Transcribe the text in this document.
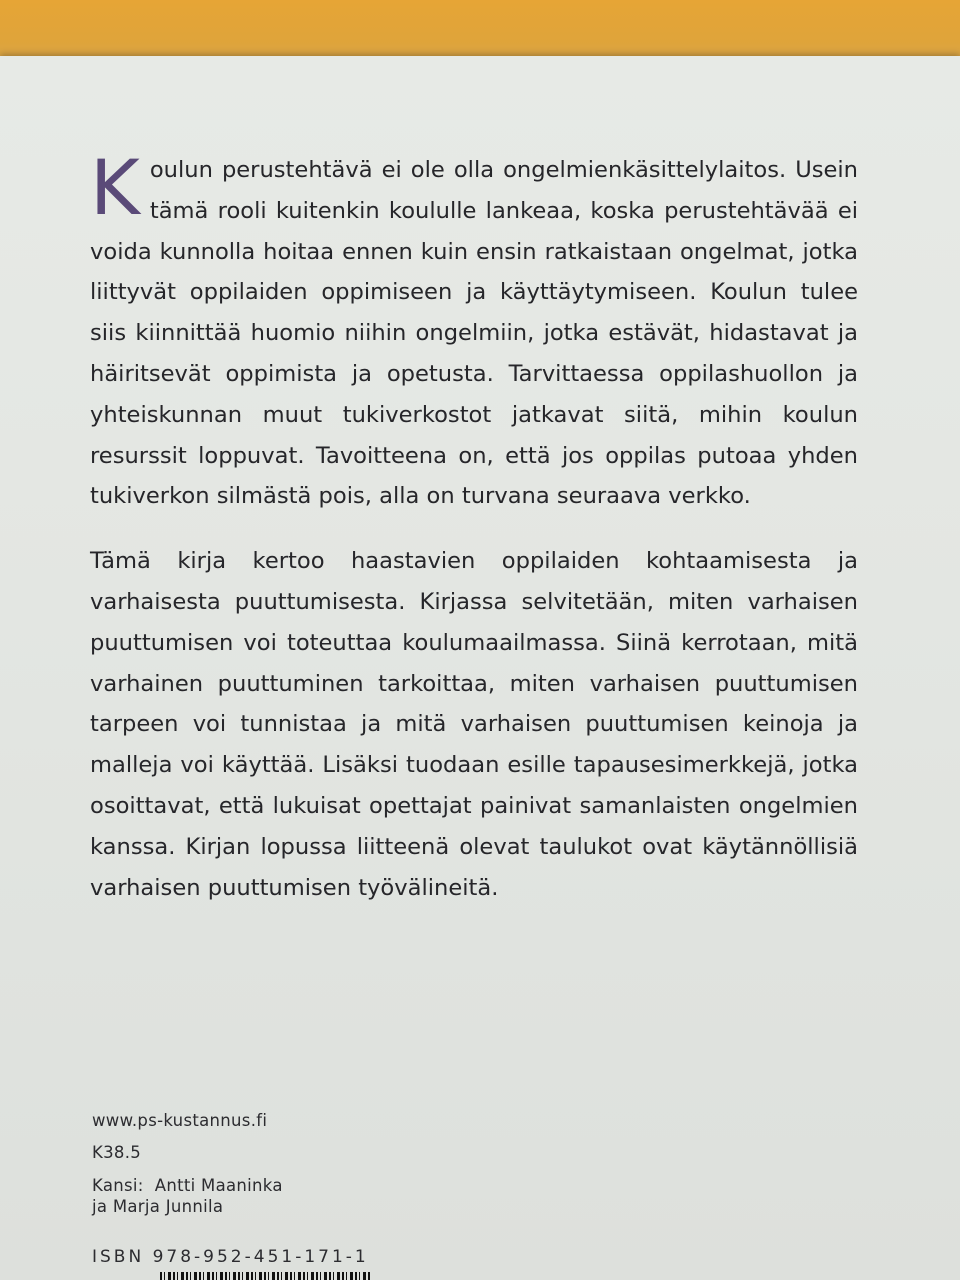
Koulun perustehtävä ei ole olla ongelmienkäsittelylaitos. Usein tämä rooli kuitenkin koululle lankeaa, koska perustehtävää ei voida kunnolla hoitaa ennen kuin ensin ratkaistaan ongelmat, jotka liittyvät oppilaiden oppimiseen ja käyttäytymiseen. Koulun tulee siis kiinnittää huomio niihin ongelmiin, jotka estävät, hidastavat ja häiritsevät oppimista ja opetusta. Tarvittaessa oppilashuollon ja yhteiskunnan muut tukiverkostot jatkavat siitä, mihin koulun resurssit loppuvat. Tavoitteena on, että jos oppilas putoaa yhden tukiverkon silmästä pois, alla on turvana seuraava verkko.

Tämä kirja kertoo haastavien oppilaiden kohtaamisesta ja varhaisesta puuttumisesta. Kirjassa selvitetään, miten varhaisen puuttumisen voi toteuttaa koulumaailmassa. Siinä kerrotaan, mitä varhainen puuttuminen tarkoittaa, miten varhaisen puuttumisen tarpeen voi tunnistaa ja mitä varhaisen puuttumisen keinoja ja malleja voi käyttää. Lisäksi tuodaan esille tapausesimerkkejä, jotka osoittavat, että lukuisat opettajat painivat samanlaisten ongelmien kanssa. Kirjan lopussa liitteenä olevat taulukot ovat käytännöllisiä varhaisen puuttumisen työvälineitä.

www.ps-kustannus.fi
K38.5
Kansi:  Antti Maaninka
ja Marja Junnila
ISBN 978-952-451-171-1
